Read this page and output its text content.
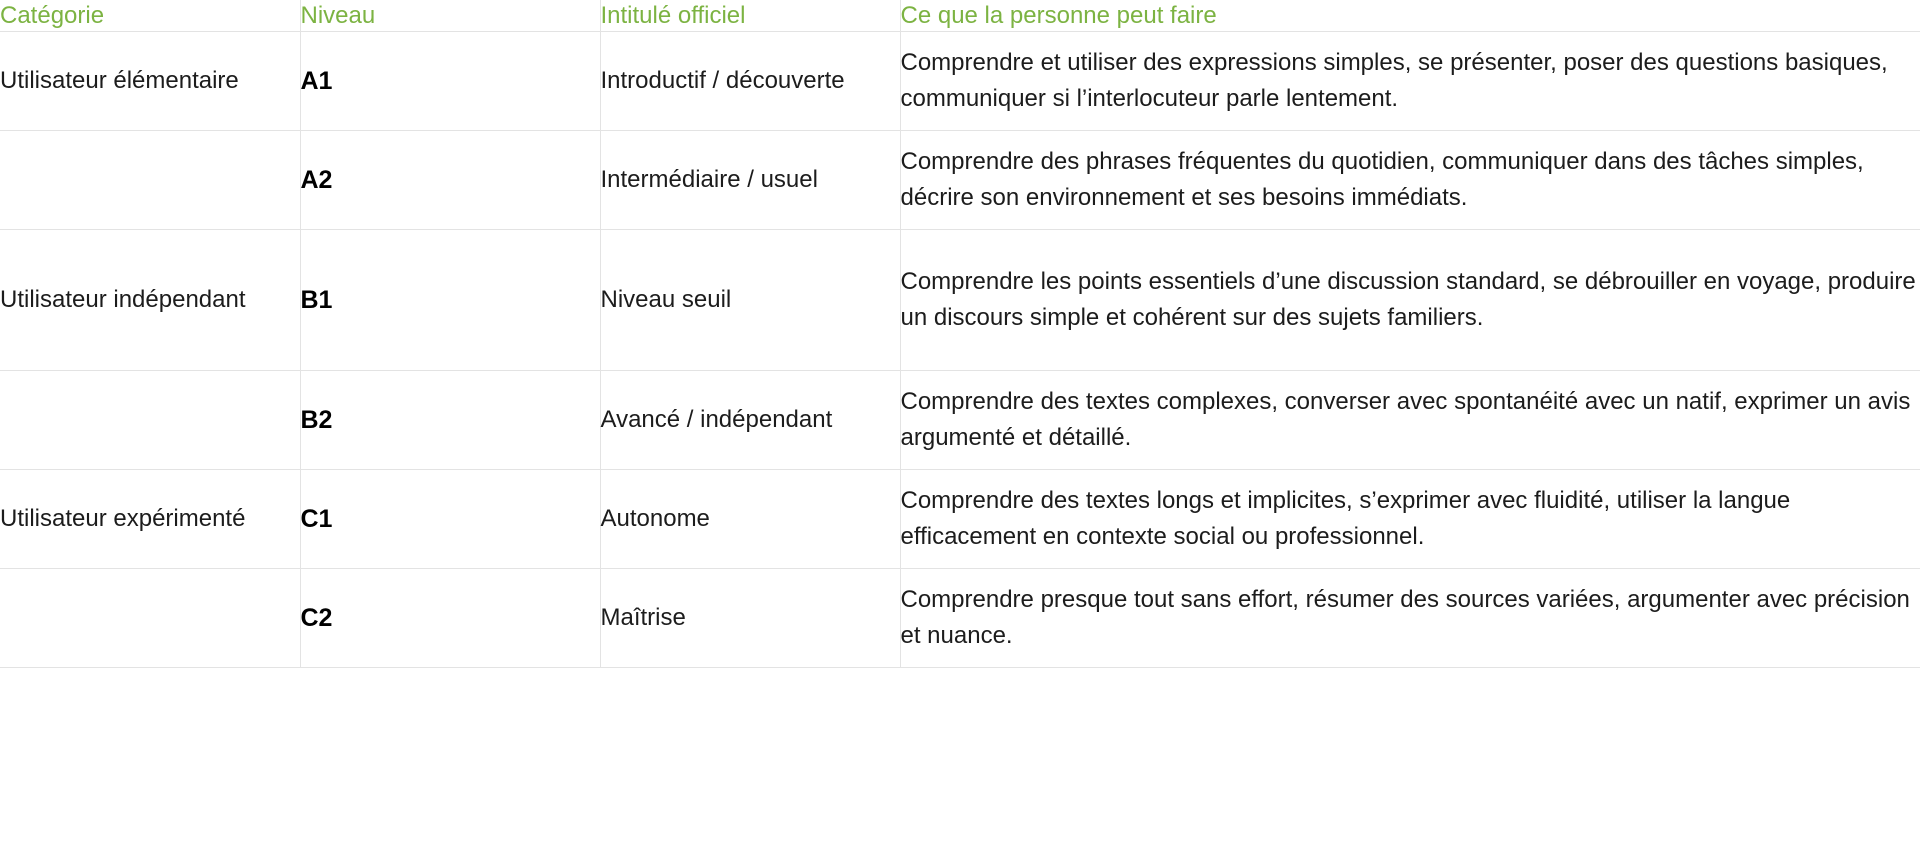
Catégorie	Niveau	Intitulé officiel	Ce que la personne peut faire
Utilisateur élémentaire	A1	Introductif / découverte	Comprendre et utiliser des expressions simples, se présenter, poser des questions basiques, communiquer si l’interlocuteur parle lentement.
	A2	Intermédiaire / usuel	Comprendre des phrases fréquentes du quotidien, communiquer dans des tâches simples, décrire son environnement et ses besoins immédiats.
Utilisateur indépendant	B1	Niveau seuil	Comprendre les points essentiels d’une discussion standard, se débrouiller en voyage, produire un discours simple et cohérent sur des sujets familiers.
	B2	Avancé / indépendant	Comprendre des textes complexes, converser avec spontanéité avec un natif, exprimer un avis argumenté et détaillé.
Utilisateur expérimenté	C1	Autonome	Comprendre des textes longs et implicites, s’exprimer avec fluidité, utiliser la langue efficacement en contexte social ou professionnel.
	C2	Maîtrise	Comprendre presque tout sans effort, résumer des sources variées, argumenter avec précision et nuance.
